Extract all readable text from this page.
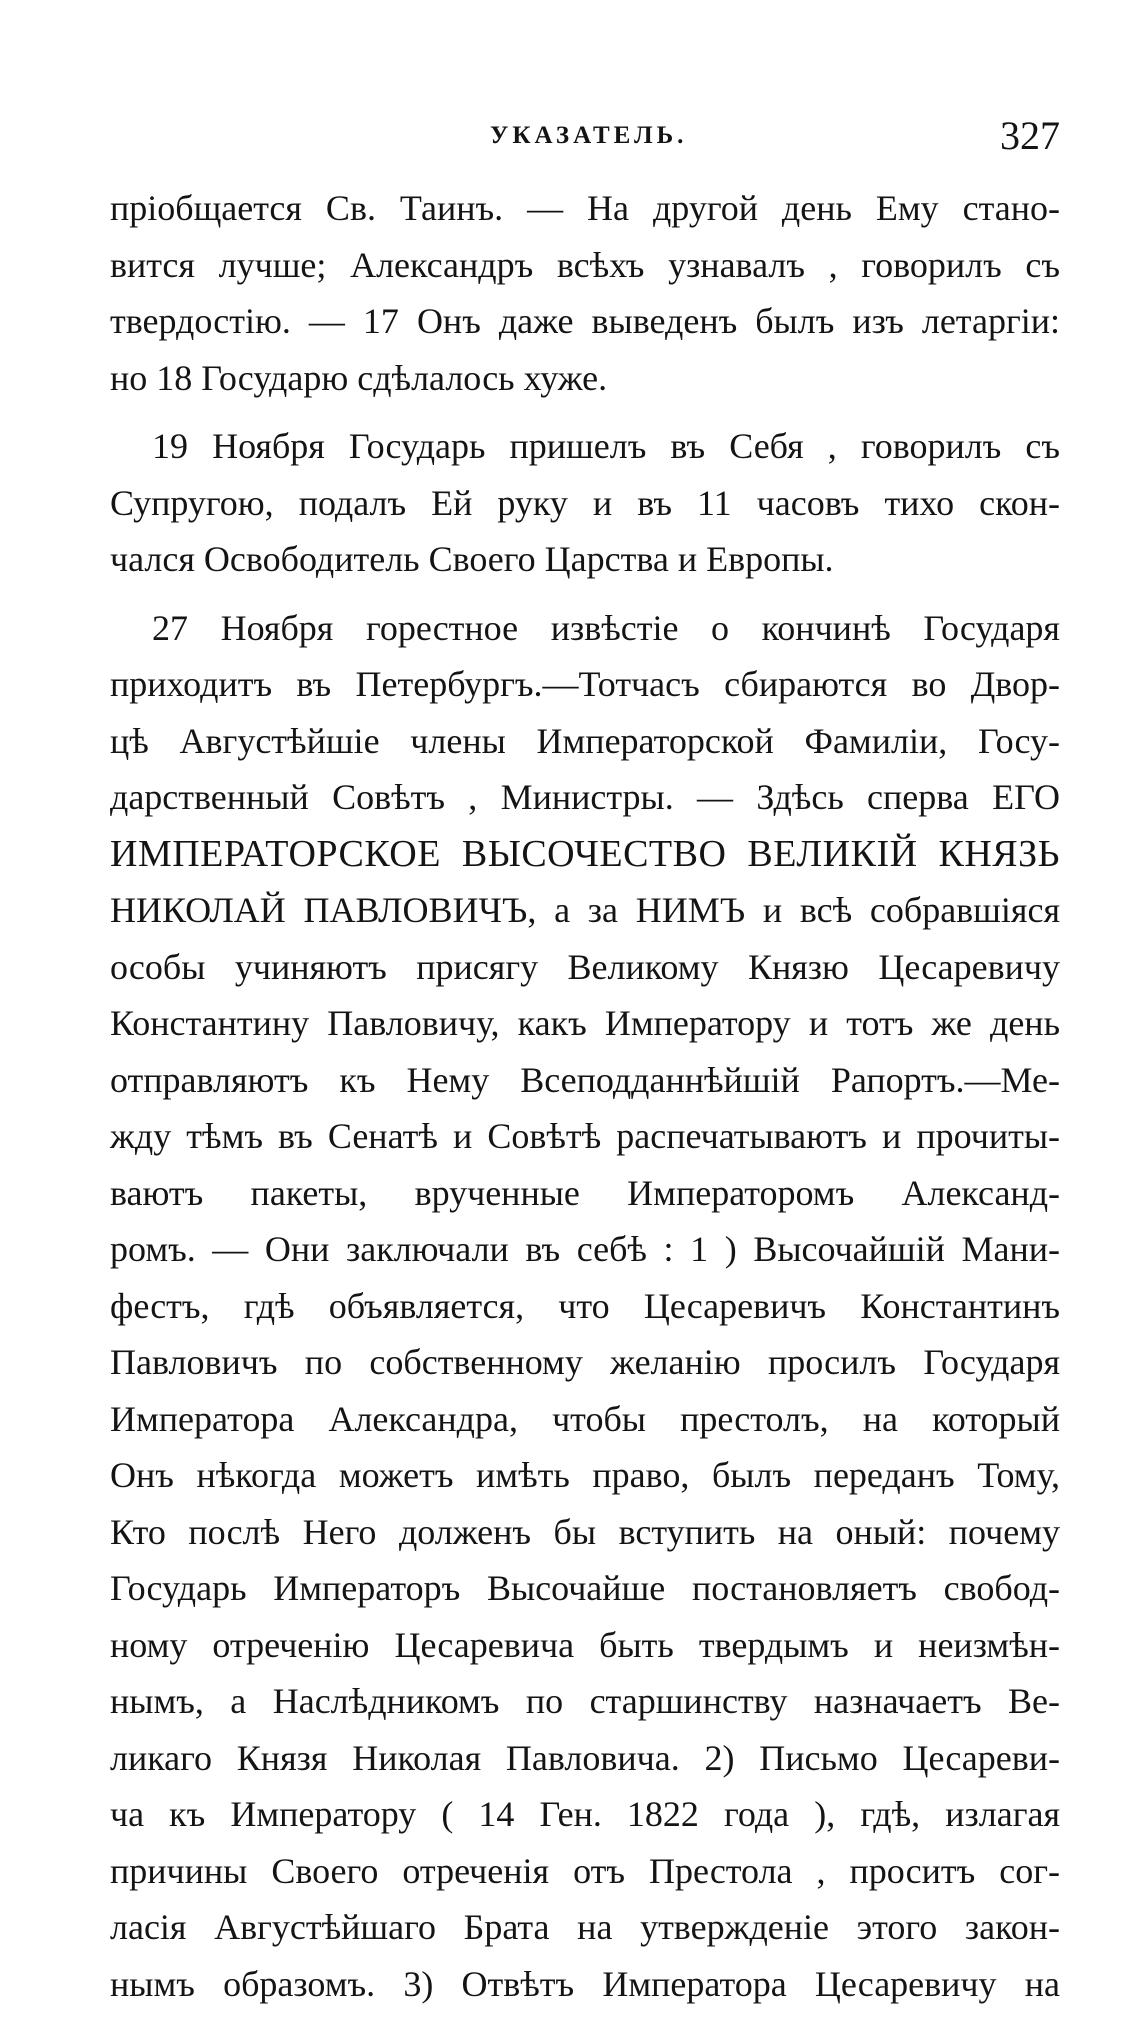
УКАЗАТЕЛЬ.	327
пріобщается Св. Таинъ. — На другой день Ему стано-
вится лучше; Александръ всѣхъ узнавалъ , говорилъ съ
твердостію. — 17 Онъ даже выведенъ былъ изъ летаргіи:
но 18 Государю сдѣлалось хуже.
19 Ноября Государь пришелъ въ Себя , говорилъ съ
Супругою, подалъ Ей руку и въ 11 часовъ тихо скон-
чался Освободитель Своего Царства и Европы.
27 Ноября горестное извѣстіе о кончинѣ Государя
приходитъ въ Петербургъ.—Тотчасъ сбираются во Двор-
цѣ Августѣйшіе члены Императорской Фамиліи, Госу-
дарственный Совѣтъ , Министры. — Здѣсь сперва ЕГО
ИМПЕРАТОРСКОЕ ВЫСОЧЕСТВО ВЕЛИКІЙ КНЯЗЬ
НИКОЛАЙ ПАВЛОВИЧЪ, а за НИМЪ и всѣ собравшіяся
особы учиняютъ присягу Великому Князю Цесаревичу
Константину Павловичу, какъ Императору и тотъ же день
отправляютъ къ Нему Всеподданнѣйшій Рапортъ.—Ме-
жду тѣмъ въ Сенатѣ и Совѣтѣ распечатываютъ и прочиты-
ваютъ пакеты, врученные Императоромъ Александ-
ромъ. — Они заключали въ себѣ : 1 ) Высочайшій Мани-
фестъ, гдѣ объявляется, что Цесаревичъ Константинъ
Павловичъ по собственному желанію просилъ Государя
Императора Александра, чтобы престолъ, на который
Онъ нѣкогда можетъ имѣть право, былъ переданъ Тому,
Кто послѣ Него долженъ бы вступить на оный: почему
Государь Императоръ Высочайше постановляетъ свобод-
ному отреченію Цесаревича быть твердымъ и неизмѣн-
нымъ, а Наслѣдникомъ по старшинству назначаетъ Ве-
ликаго Князя Николая Павловича. 2) Письмо Цесареви-
ча къ Императору ( 14 Ген. 1822 года ), гдѣ, излагая
причины Своего отреченія отъ Престола , проситъ сог-
ласія Августѣйшаго Брата на утвержденіе этого закон-
нымъ образомъ. 3) Отвѣтъ Императора Цесаревичу на
